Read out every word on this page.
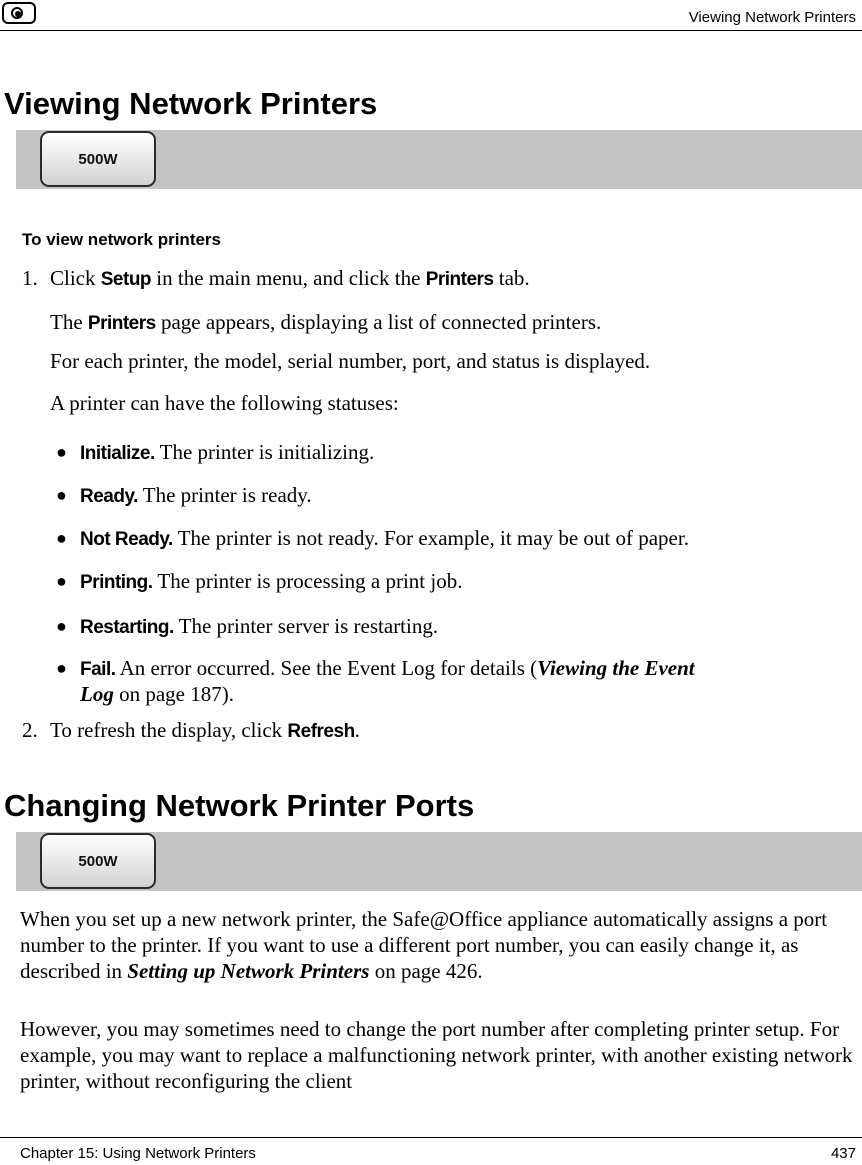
Viewing Network Printers
Viewing Network Printers
500W
To view network printers
1. Click Setup in the main menu, and click the Printers tab.
The Printers page appears, displaying a list of connected printers.
For each printer, the model, serial number, port, and status is displayed.
A printer can have the following statuses:
● Initialize. The printer is initializing.
● Ready. The printer is ready.
● Not Ready. The printer is not ready. For example, it may be out of paper.
● Printing. The printer is processing a print job.
● Restarting. The printer server is restarting.
● Fail. An error occurred. See the Event Log for details (Viewing the Event
Log on page 187).
2. To refresh the display, click Refresh.
Changing Network Printer Ports
500W
When you set up a new network printer, the Safe@Office appliance automatically assigns a port number to the printer. If you want to use a different port number, you can easily change it, as described in Setting up Network Printers on page 426.
However, you may sometimes need to change the port number after completing printer setup. For example, you may want to replace a malfunctioning network printer, with another existing network printer, without reconfiguring the client
Chapter 15: Using Network Printers	437
